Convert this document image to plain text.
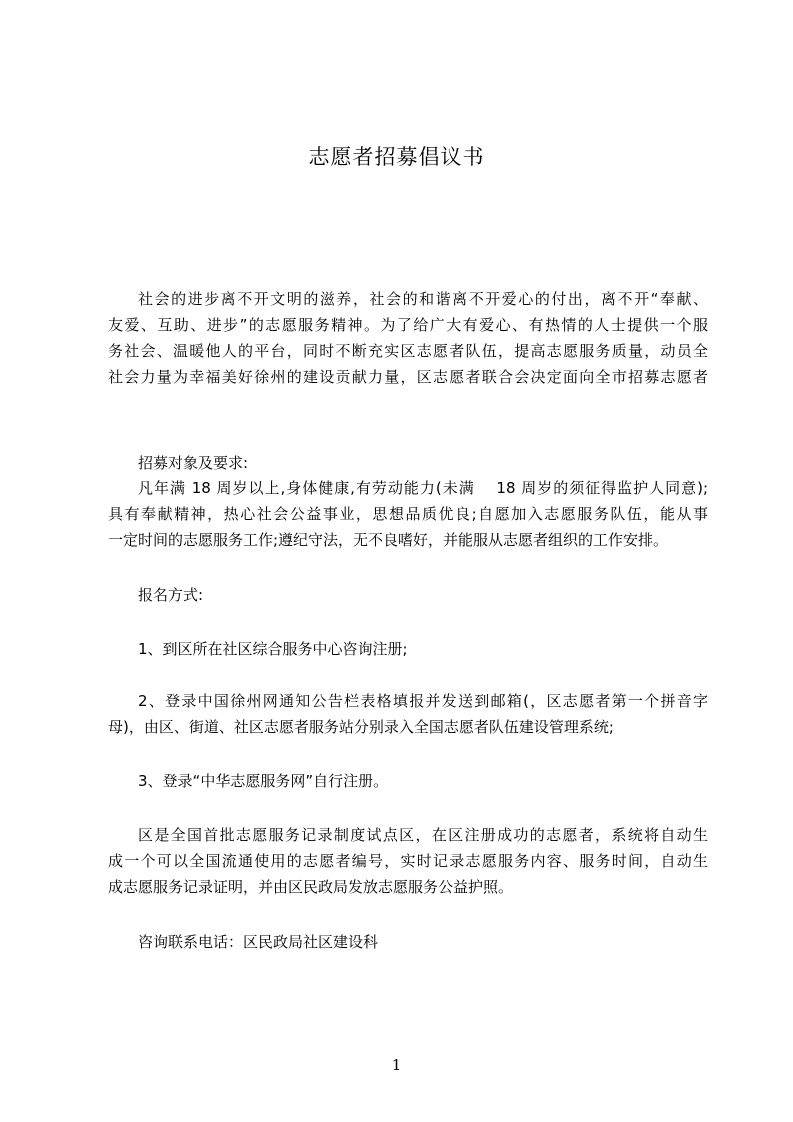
志愿者招募倡议书
社会的进步离不开文明的滋养，社会的和谐离不开爱心的付出，离不开“奉献、
友爱、互助、进步”的志愿服务精神。为了给广大有爱心、有热情的人士提供一个服
务社会、温暖他人的平台，同时不断充实区志愿者队伍，提高志愿服务质量，动员全
社会力量为幸福美好徐州的建设贡献力量，区志愿者联合会决定面向全市招募志愿者
招募对象及要求:
凡年满 18 周岁以上,身体健康,有劳动能力(未满　 18 周岁的须征得监护人同意);
具有奉献精神，热心社会公益事业，思想品质优良;自愿加入志愿服务队伍，能从事
一定时间的志愿服务工作;遵纪守法，无不良嗜好，并能服从志愿者组织的工作安排。
报名方式:
1、到区所在社区综合服务中心咨询注册;
2、登录中国徐州网通知公告栏表格填报并发送到邮箱(，区志愿者第一个拼音字
母)，由区、街道、社区志愿者服务站分别录入全国志愿者队伍建设管理系统;
3、登录“中华志愿服务网”自行注册。
区是全国首批志愿服务记录制度试点区，在区注册成功的志愿者，系统将自动生
成一个可以全国流通使用的志愿者编号，实时记录志愿服务内容、服务时间，自动生
成志愿服务记录证明，并由区民政局发放志愿服务公益护照。
咨询联系电话：区民政局社区建设科
1
